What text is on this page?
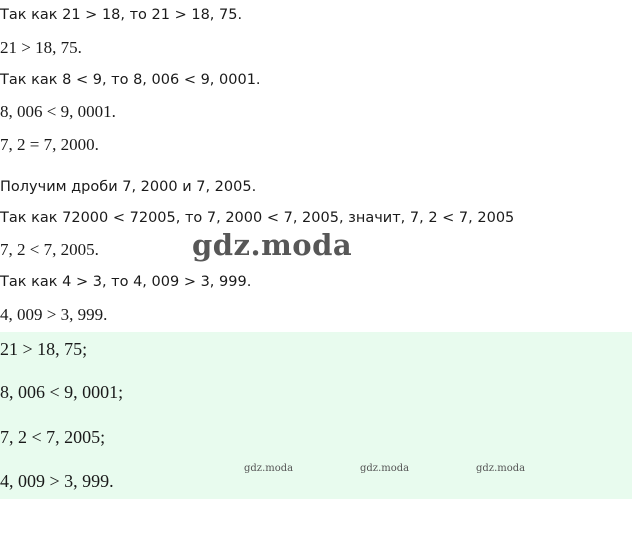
Так как 21 > 18, то 21 > 18, 75.
21 > 18, 75.
Так как 8 < 9, то 8, 006 < 9, 0001.
8, 006 < 9, 0001.
7, 2 = 7, 2000.
Получим дроби 7, 2000 и 7, 2005.
Так как 72000 < 72005, то 7, 2000 < 7, 2005, значит, 7, 2 < 7, 2005
7, 2 < 7, 2005.
Так как 4 > 3, то 4, 009 > 3, 999.
4, 009 > 3, 999.
gdz.moda
21 > 18, 75;
8, 006 < 9, 0001;
7, 2 < 7, 2005;
4, 009 > 3, 999.
gdz.moda	gdz.moda	gdz.moda
